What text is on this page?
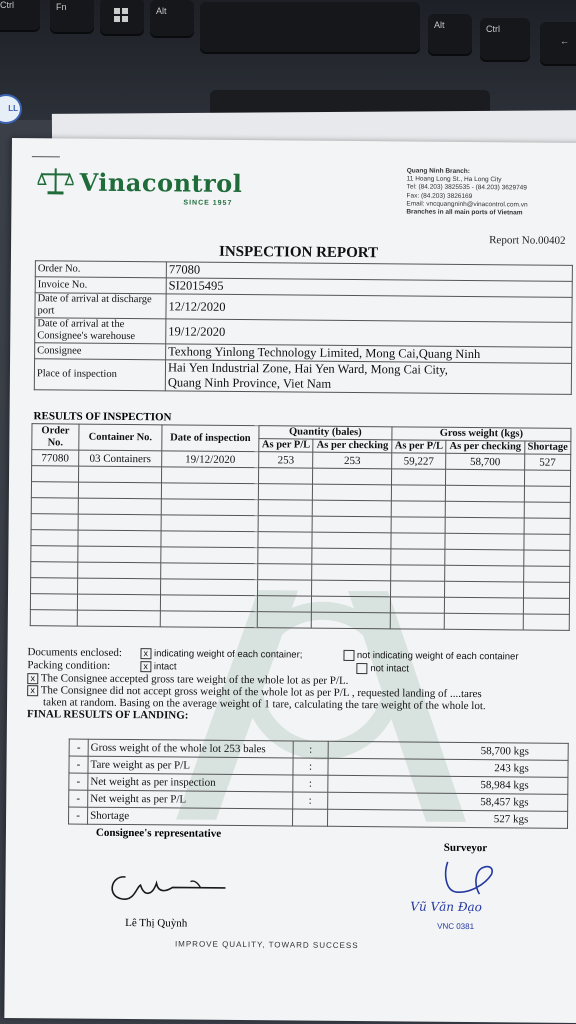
Ctrl	Fn	Alt
Alt	Ctrl
←
LL
Vinacontrol
SINCE 1957
Quang Ninh Branch:
11 Hoang Long St., Ha Long City
Tel: (84.203) 3825535 - (84.203) 3629749
Fax: (84.203) 3826169
Email: vncquangninh@vinacontrol.com.vn
Branches in all main ports of Vietnam
Report No.00402
INSPECTION REPORT
Order No.	77080
Invoice No.	SI2015495
Date of arrival at discharge port	12/12/2020
Date of arrival at the Consignee's warehouse	19/12/2020
Consignee	Texhong Yinlong Technology Limited, Mong Cai,Quang Ninh
Place of inspection	Hai Yen Industrial Zone, Hai Yen Ward, Mong Cai City,
Quang Ninh Province, Viet Nam
RESULTS OF INSPECTION
Order No.	Container No.	Date of inspection	Quantity (bales)		Gross weight (kgs)		
			As per P/L	As per checking	As per P/L	As per checking	Shortage
77080	03 Containers	19/12/2020	253	253	59,227	58,700	527

Documents enclosed: x indicating weight of each container;	not indicating weight of each container
Packing condition:	x intact	not intact
x The Consignee accepted gross tare weight of the whole lot as per P/L.
x The Consignee did not accept gross weight of the whole lot as per P/L , requested landing of ....tares
taken at random. Basing on the average weight of 1 tare, calculating the tare weight of the whole lot.
FINAL RESULTS OF LANDING:
-	Gross weight of the whole lot 253 bales	:	58,700 kgs
-	Tare weight as per P/L	:	243 kgs
-	Net weight as per inspection	:	58,984 kgs
-	Net weight as per P/L	:	58,457 kgs
-	Shortage		527 kgs
Consignee's representative
Surveyor
Lê Thị Quỳnh
Vũ Văn Đạo
VNC 0381
IMPROVE QUALITY, TOWARD SUCCESS
